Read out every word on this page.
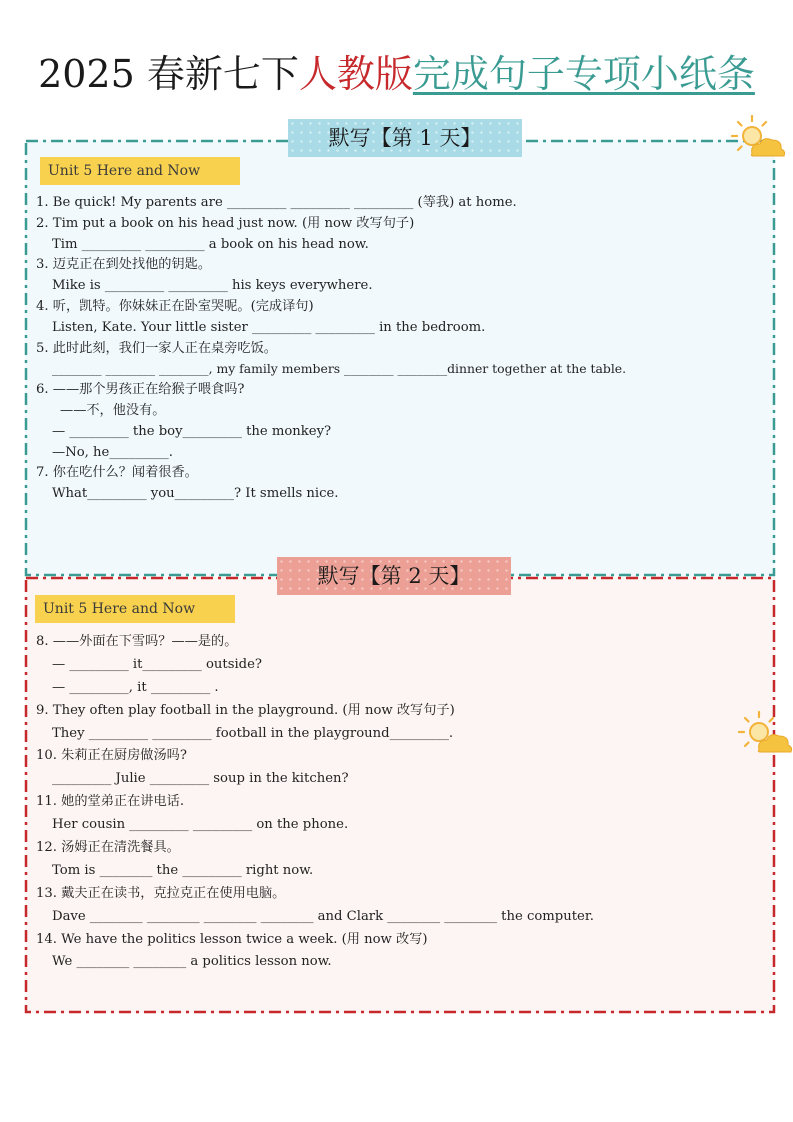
2025 春新七下人教版完成句子专项小纸条
默写【第 1 天】
Unit 5 Here and Now
1. Be quick! My parents are _________ _________ _________ (等我) at home.
2. Tim put a book on his head just now. (用 now 改写句子)
Tim _________ _________ a book on his head now.
3. 迈克正在到处找他的钥匙。
Mike is _________ _________ his keys everywhere.
4. 听，凯特。你妹妹正在卧室哭呢。(完成译句)
Listen, Kate. Your little sister _________ _________ in the bedroom.
5. 此时此刻，我们一家人正在桌旁吃饭。
________ ________ ________, my family members ________ ________dinner together at the table.
6. ——那个男孩正在给猴子喂食吗?
——不，他没有。
— _________ the boy_________ the monkey?
—No, he_________.
7. 你在吃什么？闻着很香。
What_________ you_________? It smells nice.
默写【第 2 天】
Unit 5 Here and Now
8. ——外面在下雪吗？——是的。
— _________ it_________ outside?
— _________, it _________ .
9. They often play football in the playground. (用 now 改写句子)
They _________ _________ football in the playground_________.
10. 朱莉正在厨房做汤吗?
_________ Julie _________ soup in the kitchen?
11. 她的堂弟正在讲电话.
Her cousin _________ _________ on the phone.
12. 汤姆正在清洗餐具。
Tom is ________ the _________ right now.
13. 戴夫正在读书，克拉克正在使用电脑。
Dave ________ ________ ________ ________ and Clark ________ ________ the computer.
14. We have the politics lesson twice a week. (用 now 改写)
We ________ ________ a politics lesson now.
